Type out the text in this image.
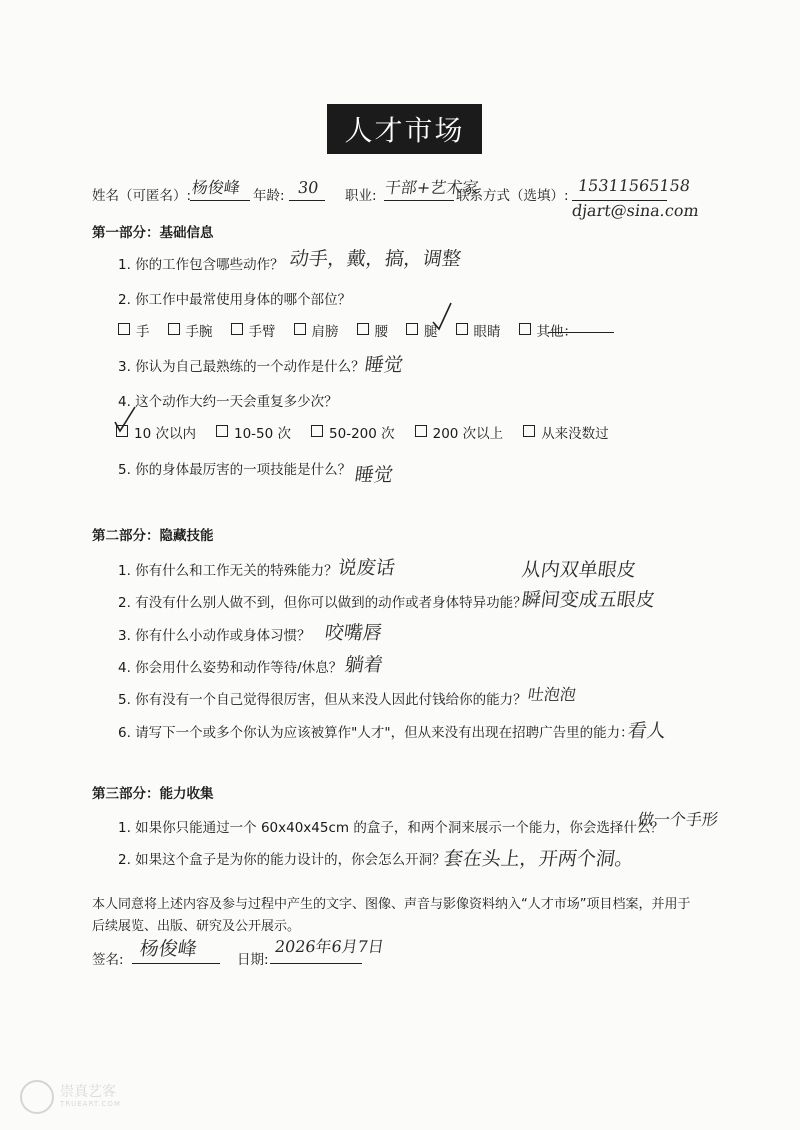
人才市场
姓名（可匿名）: 杨俊峰 年龄: 30 职业: 干部+艺术家
联系方式（选填）:
15311565158
djart@sina.com
第一部分：基础信息
1. 你的工作包含哪些动作？ 动手，戴，搞，调整
2. 你工作中最常使用身体的哪个部位？
手	手腕	手臂	肩膀	腰	腿	眼睛	其他：
3. 你认为自己最熟练的一个动作是什么？
睡觉
4. 这个动作大约一天会重复多少次？
10 次以内	10-50 次	50-200 次	200 次以上	从来没数过
5. 你的身体最厉害的一项技能是什么？ 睡觉
第二部分：隐藏技能
1. 你有什么和工作无关的特殊能力？
说废话	从内双单眼皮
2. 有没有什么别人做不到，但你可以做到的动作或者身体特异功能？
瞬间变成五眼皮
3. 你有什么小动作或身体习惯？ 咬嘴唇
4. 你会用什么姿势和动作等待/休息？ 躺着
5. 你有没有一个自己觉得很厉害，但从来没人因此付钱给你的能力？ 吐泡泡
6. 请写下一个或多个你认为应该被算作"人才"，但从来没有出现在招聘广告里的能力：
看人
第三部分：能力收集
1. 如果你只能通过一个 60x40x45cm 的盒子，和两个洞来展示一个能力，你会选择什么？
做一个手形
2. 如果这个盒子是为你的能力设计的，你会怎么开洞？
套在头上，开两个洞。
本人同意将上述内容及参与过程中产生的文字、图像、声音与影像资料纳入“人才市场”项目档案，并用于
后续展览、出版、研究及公开展示。
签名: 杨俊峰	日期:
2026年6月7日
崇真艺客
TRUEART.COM
